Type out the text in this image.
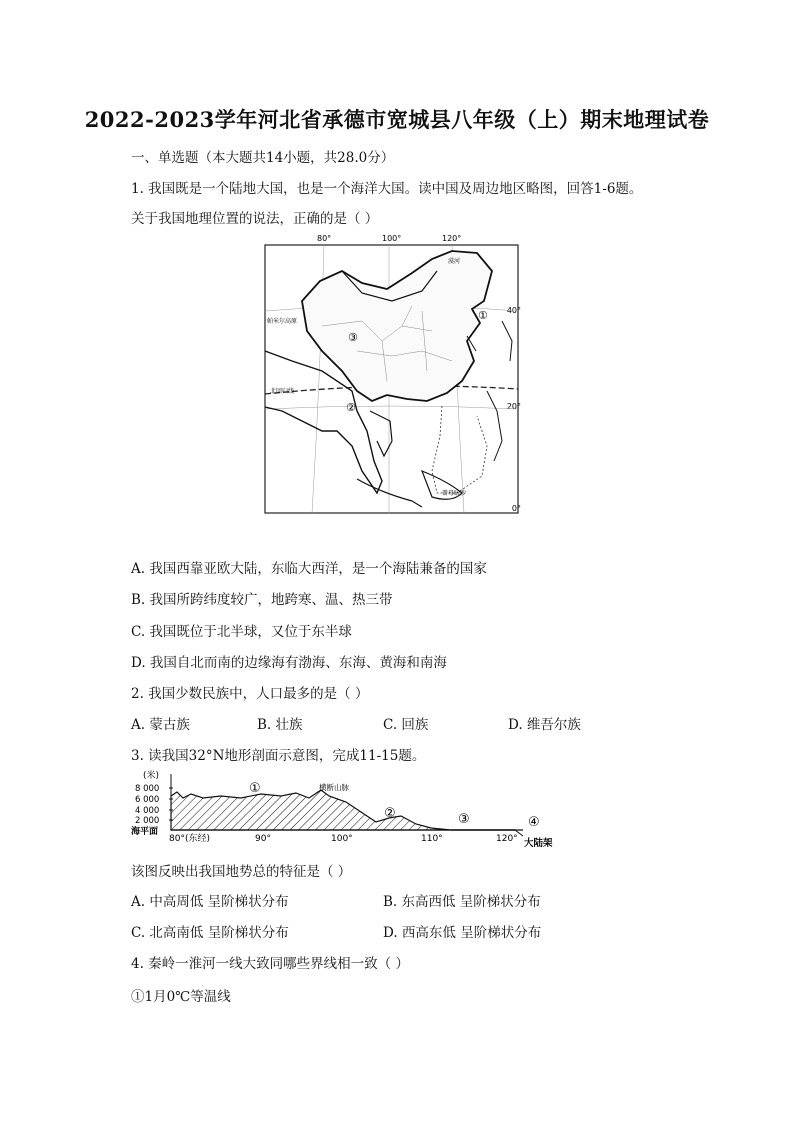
2022-2023学年河北省承德市宽城县八年级（上）期末地理试卷
一、单选题（本大题共14小题，共28.0分）
1. 我国既是一个陆地大国，也是一个海洋大国。读中国及周边地区略图，回答1-6题。
关于我国地理位置的说法，正确的是（ ）
80°	100°	120°
40°
20°
0°
北回归线
漠河
帕米尔高原
曾母暗沙
①
②
③
A. 我国西靠亚欧大陆，东临大西洋，是一个海陆兼备的国家
B. 我国所跨纬度较广，地跨寒、温、热三带
C. 我国既位于北半球，又位于东半球
D. 我国自北而南的边缘海有渤海、东海、黄海和南海
2. 我国少数民族中，人口最多的是（ ）
A. 蒙古族	B. 壮族	C. 回族	D. 维吾尔族
3. 读我国32°N地形剖面示意图，完成11-15题。
(米)
8 000
6 000
4 000
2 000
海平面
横断山脉
①
②	③	④
80°(东经)	90°	100°	110°	120° 大陆架
该图反映出我国地势总的特征是（ ）
A. 中高周低 呈阶梯状分布	B. 东高西低 呈阶梯状分布
C. 北高南低 呈阶梯状分布	D. 西高东低 呈阶梯状分布
4. 秦岭一淮河一线大致同哪些界线相一致（ ）
①1月0℃等温线
